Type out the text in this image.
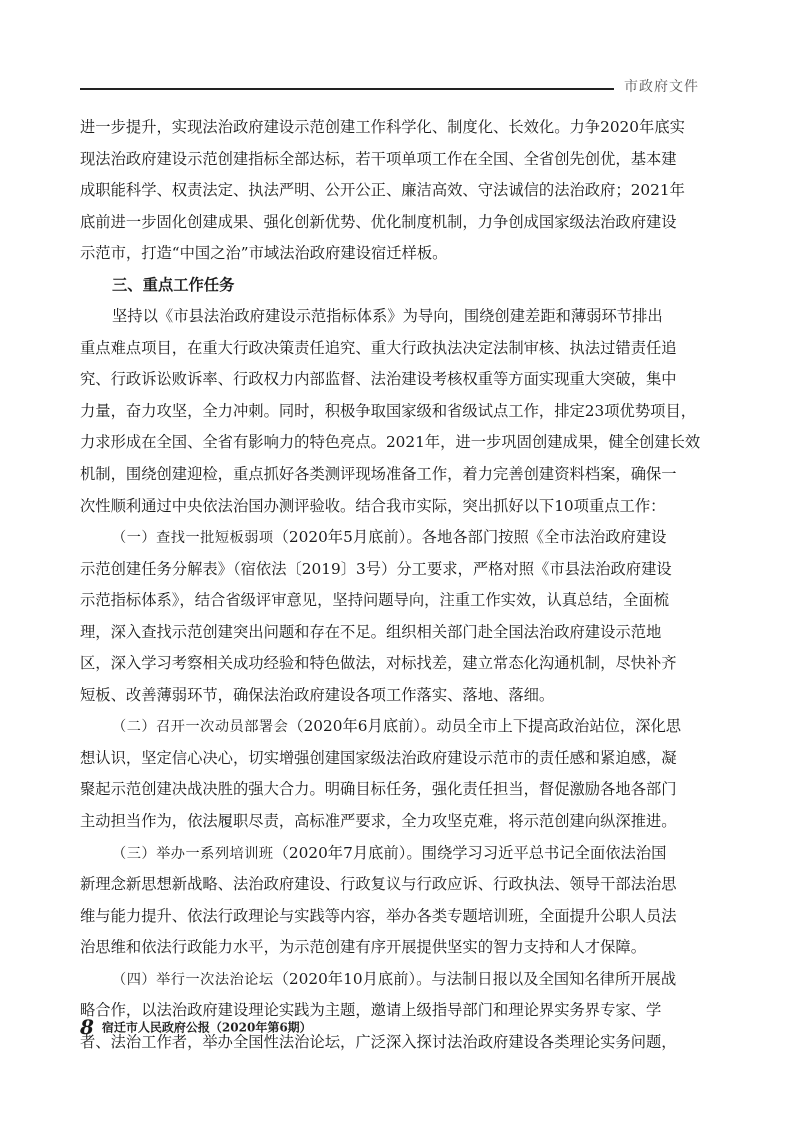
市政府文件
进一步提升，实现法治政府建设示范创建工作科学化、制度化、长效化。力争2020年底实
现法治政府建设示范创建指标全部达标，若干项单项工作在全国、全省创先创优，基本建
成职能科学、权责法定、执法严明、公开公正、廉洁高效、守法诚信的法治政府；2021年
底前进一步固化创建成果、强化创新优势、优化制度机制，力争创成国家级法治政府建设
示范市，打造“中国之治”市域法治政府建设宿迁样板。
三、重点工作任务
坚持以《市县法治政府建设示范指标体系》为导向，围绕创建差距和薄弱环节排出
重点难点项目，在重大行政决策责任追究、重大行政执法决定法制审核、执法过错责任追
究、行政诉讼败诉率、行政权力内部监督、法治建设考核权重等方面实现重大突破，集中
力量，奋力攻坚，全力冲刺。同时，积极争取国家级和省级试点工作，排定23项优势项目，
力求形成在全国、全省有影响力的特色亮点。2021年，进一步巩固创建成果，健全创建长效
机制，围绕创建迎检，重点抓好各类测评现场准备工作，着力完善创建资料档案，确保一
次性顺利通过中央依法治国办测评验收。结合我市实际，突出抓好以下10项重点工作：
（一）查找一批短板弱项（2020年5月底前）。各地各部门按照《全市法治政府建设
示范创建任务分解表》（宿依法〔2019〕3号）分工要求，严格对照《市县法治政府建设
示范指标体系》，结合省级评审意见，坚持问题导向，注重工作实效，认真总结，全面梳
理，深入查找示范创建突出问题和存在不足。组织相关部门赴全国法治政府建设示范地
区，深入学习考察相关成功经验和特色做法，对标找差，建立常态化沟通机制，尽快补齐
短板、改善薄弱环节，确保法治政府建设各项工作落实、落地、落细。
（二）召开一次动员部署会（2020年6月底前）。动员全市上下提高政治站位，深化思
想认识，坚定信心决心，切实增强创建国家级法治政府建设示范市的责任感和紧迫感，凝
聚起示范创建决战决胜的强大合力。明确目标任务，强化责任担当，督促激励各地各部门
主动担当作为，依法履职尽责，高标准严要求，全力攻坚克难，将示范创建向纵深推进。
（三）举办一系列培训班（2020年7月底前）。围绕学习习近平总书记全面依法治国
新理念新思想新战略、法治政府建设、行政复议与行政应诉、行政执法、领导干部法治思
维与能力提升、依法行政理论与实践等内容，举办各类专题培训班，全面提升公职人员法
治思维和依法行政能力水平，为示范创建有序开展提供坚实的智力支持和人才保障。
（四）举行一次法治论坛（2020年10月底前）。与法制日报以及全国知名律所开展战
略合作，以法治政府建设理论实践为主题，邀请上级指导部门和理论界实务界专家、学
者、法治工作者，举办全国性法治论坛，广泛深入探讨法治政府建设各类理论实务问题，
8 宿迁市人民政府公报（2020年第6期）
